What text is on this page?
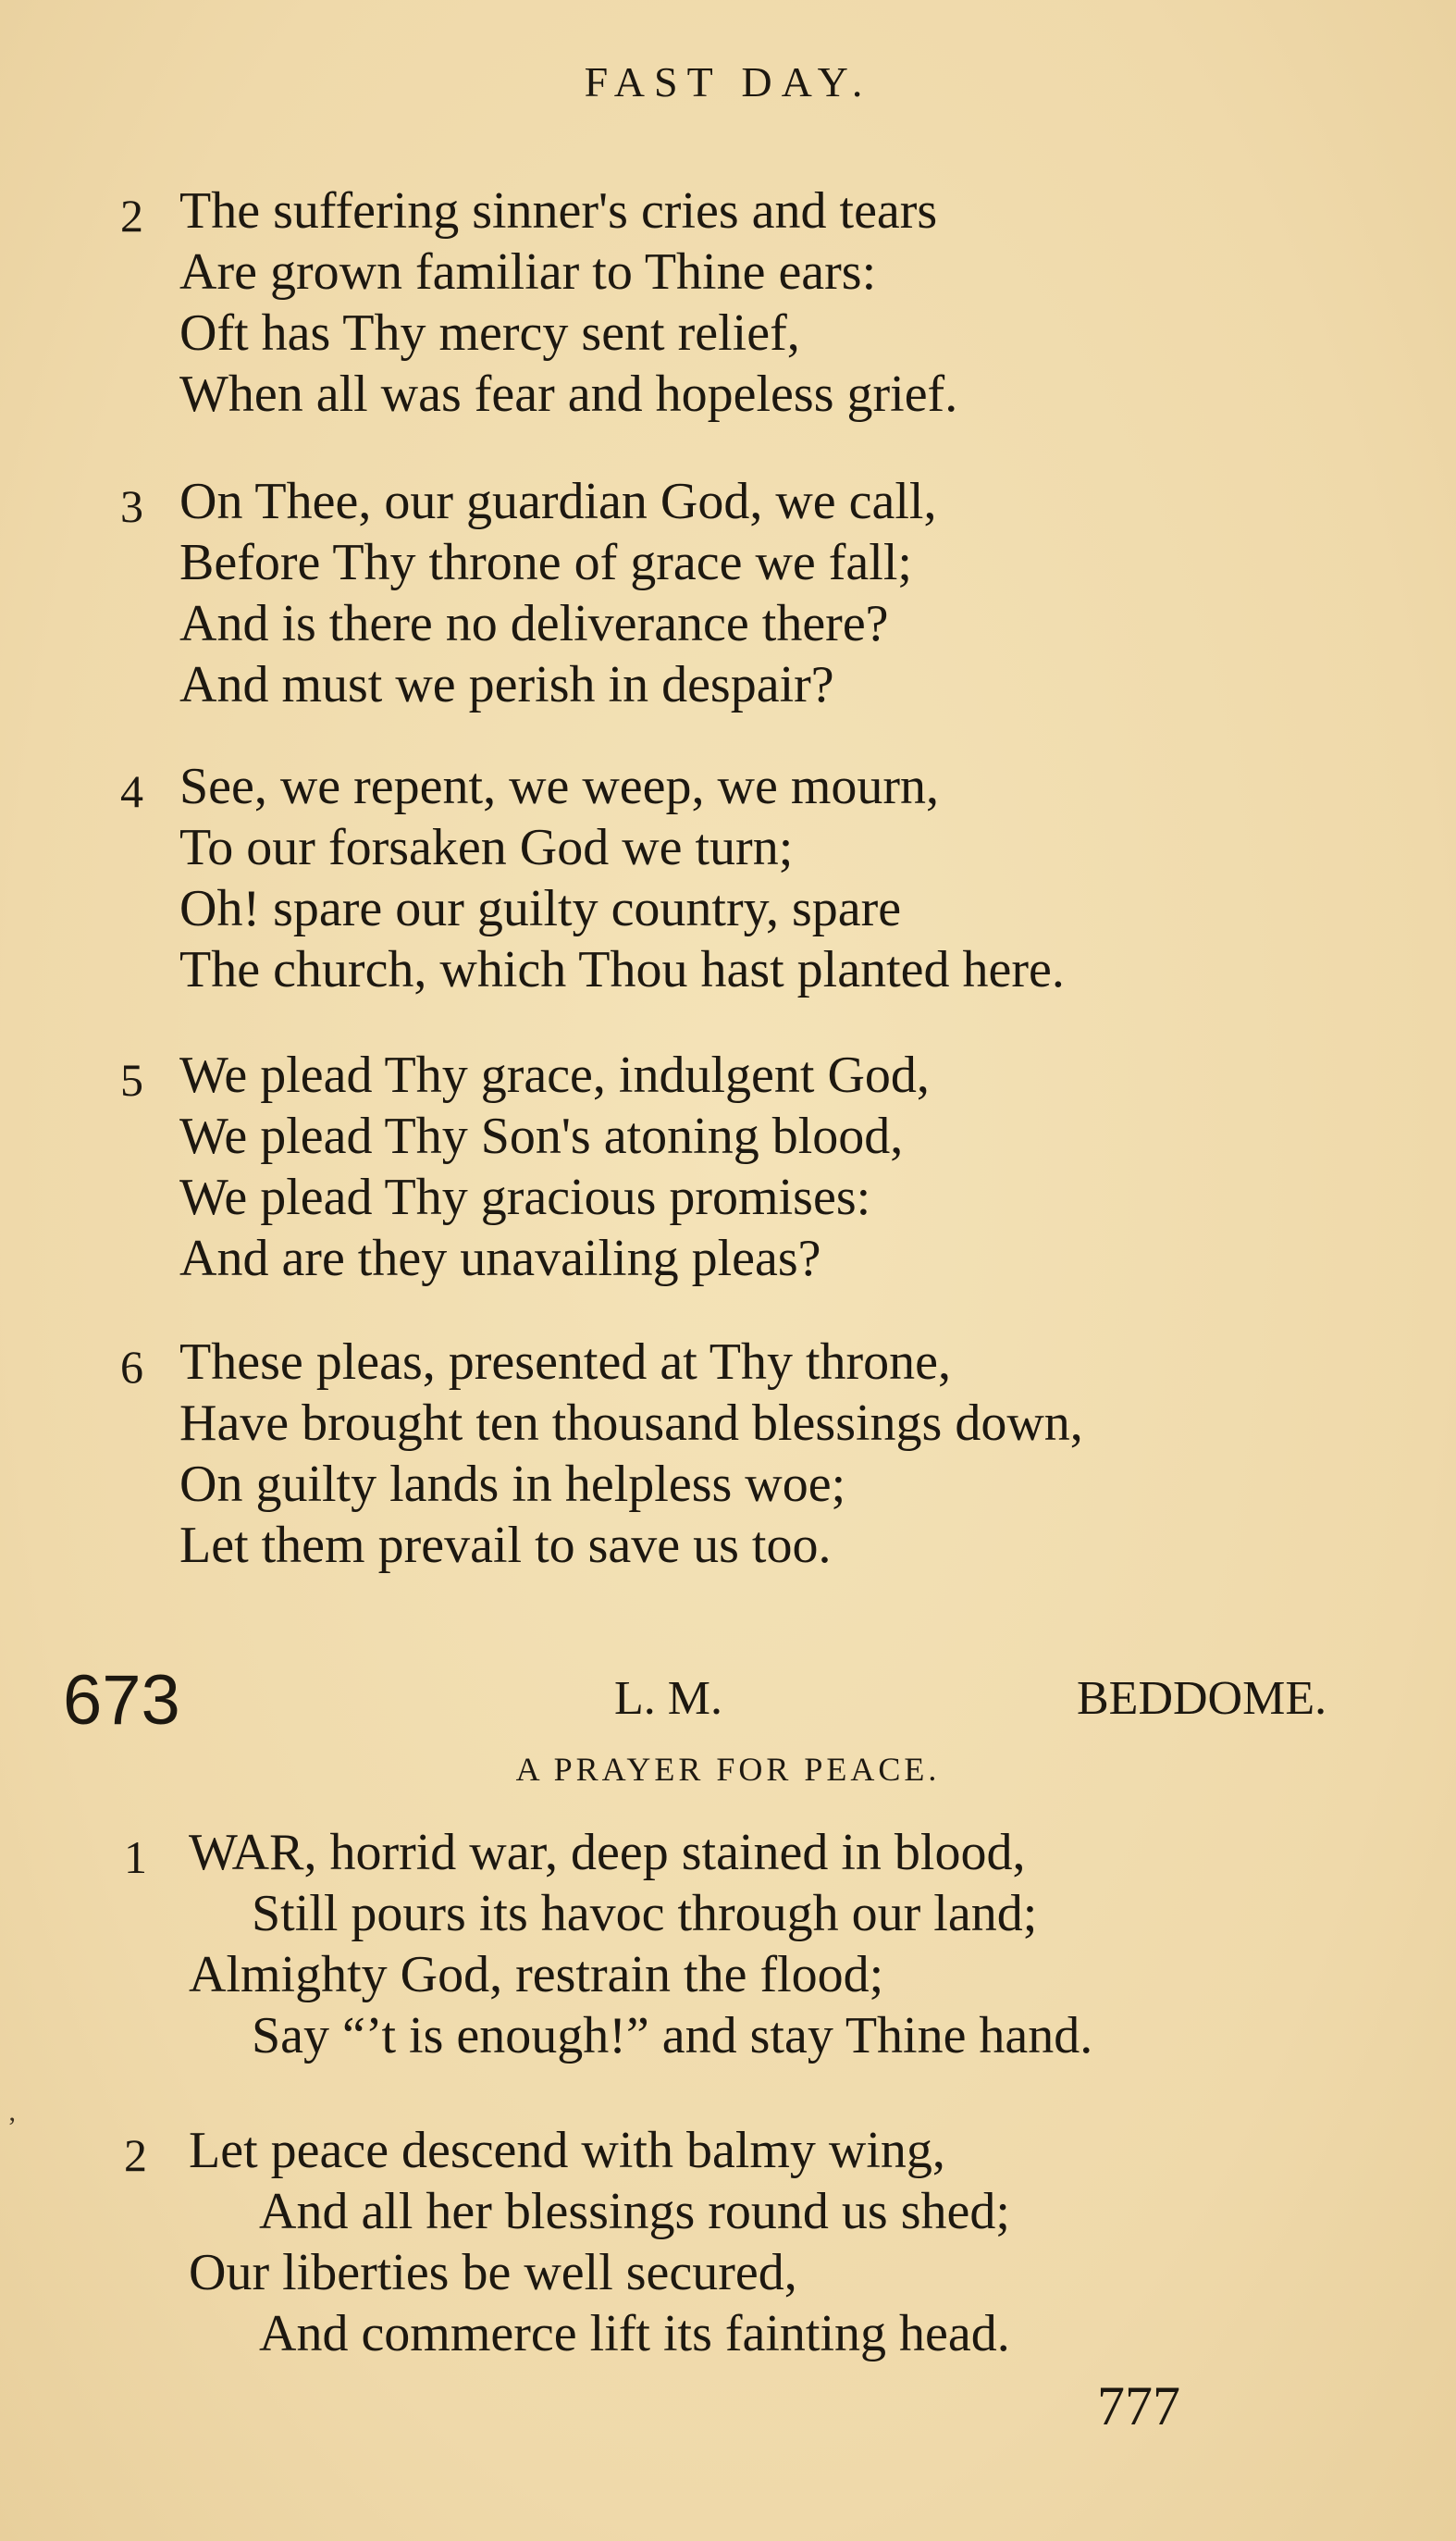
FAST DAY.
2 The suffering sinner's cries and tears
Are grown familiar to Thine ears:
Oft has Thy mercy sent relief,
When all was fear and hopeless grief.
3 On Thee, our guardian God, we call,
Before Thy throne of grace we fall;
And is there no deliverance there?
And must we perish in despair?
4 See, we repent, we weep, we mourn,
To our forsaken God we turn;
Oh! spare our guilty country, spare
The church, which Thou hast planted here.
5 We plead Thy grace, indulgent God,
We plead Thy Son's atoning blood,
We plead Thy gracious promises:
And are they unavailing pleas?
6 These pleas, presented at Thy throne,
Have brought ten thousand blessings down,
On guilty lands in helpless woe;
Let them prevail to save us too.
673	L. M.	BEDDOME.
A PRAYER FOR PEACE.
1 WAR, horrid war, deep stained in blood,
Still pours its havoc through our land;
Almighty God, restrain the flood;
Say “’t is enough!” and stay Thine hand.
’
2 Let peace descend with balmy wing,
And all her blessings round us shed;
Our liberties be well secured,
And commerce lift its fainting head.
777
